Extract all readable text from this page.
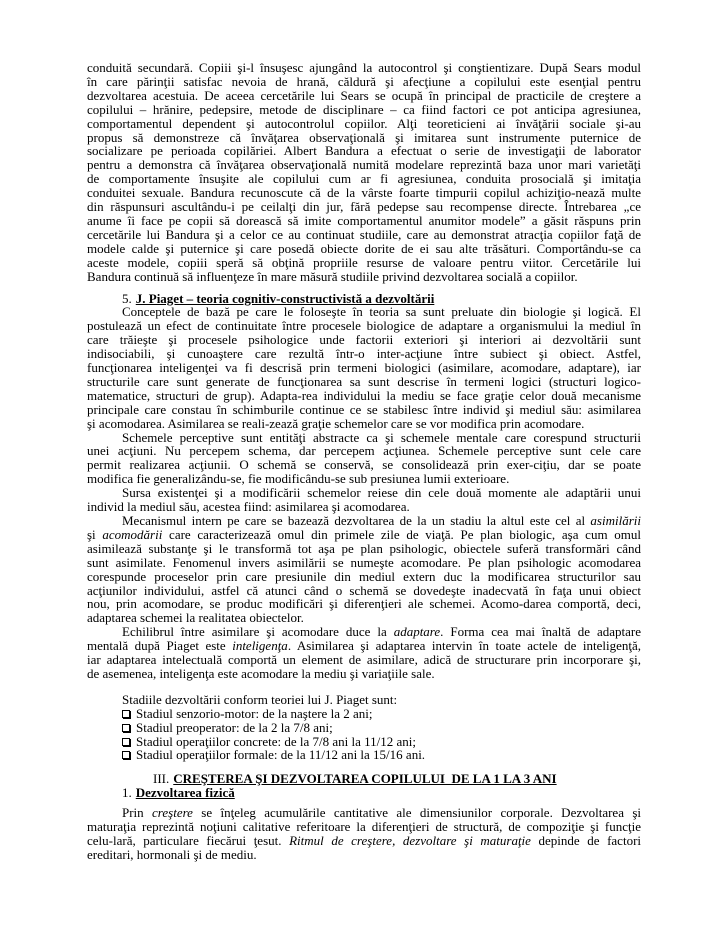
conduită secundară. Copiii şi-l însuşesc ajungând la autocontrol şi conştientizare. După Sears modul
în care părinţii satisfac nevoia de hrană, căldură şi afecţiune a copilului este esenţial pentru
dezvoltarea acestuia. De aceea cercetările lui Sears se ocupă în principal de practicile de creştere a
copilului – hrănire, pedepsire, metode de disciplinare – ca fiind factori ce pot anticipa agresiunea,
comportamentul dependent şi autocontrolul copiilor. Alţi teoreticieni ai învăţării sociale şi-au
propus să demonstreze că învăţarea observaţională şi imitarea sunt instrumente puternice de
socializare pe perioada copilăriei. Albert Bandura a efectuat o serie de investigaţii de laborator
pentru a demonstra că învăţarea observaţională numită modelare reprezintă baza unor mari varietăţi
de comportamente însuşite ale copilului cum ar fi agresiunea, conduita prosocială şi imitaţia
conduitei sexuale. Bandura recunoscute că de la vârste foarte timpurii copilul achiziţio-nează multe
din răspunsuri ascultându-i pe ceilalţi din jur, fără pedepse sau recompense directe. Întrebarea „ce
anume îi face pe copii să dorească să imite comportamentul anumitor modele” a găsit răspuns prin
cercetările lui Bandura şi a celor ce au continuat studiile, care au demonstrat atracţia copiilor faţă de
modele calde şi puternice şi care posedă obiecte dorite de ei sau alte trăsături. Comportându-se ca
aceste modele, copiii speră să obţină propriile resurse de valoare pentru viitor. Cercetările lui
Bandura continuă să influenţeze în mare măsură studiile privind dezvoltarea socială a copiilor.
5. J. Piaget – teoria cognitiv-constructivistă a dezvoltării
Conceptele de bază pe care le foloseşte în teoria sa sunt preluate din biologie şi logică. El
postulează un efect de continuitate între procesele biologice de adaptare a organismului la mediul în
care trăieşte şi procesele psihologice unde factorii exteriori şi interiori ai dezvoltării sunt
indisociabili, şi cunoaştere care rezultă într-o inter-acţiune între subiect şi obiect. Astfel,
funcţionarea inteligenţei va fi descrisă prin termeni biologici (asimilare, acomodare, adaptare), iar
structurile care sunt generate de funcţionarea sa sunt descrise în termeni logici (structuri logico-
matematice, structuri de grup). Adapta-rea individului la mediu se face graţie celor două mecanisme
principale care constau în schimburile continue ce se stabilesc între individ şi mediul său: asimilarea
şi acomodarea. Asimilarea se reali-zează graţie schemelor care se vor modifica prin acomodare.
Schemele perceptive sunt entităţi abstracte ca şi schemele mentale care corespund structurii
unei acţiuni. Nu percepem schema, dar percepem acţiunea. Schemele perceptive sunt cele care
permit realizarea acţiunii. O schemă se conservă, se consolidează prin exer-ciţiu, dar se poate
modifica fie generalizându-se, fie modificându-se sub presiunea lumii exterioare.
Sursa existenţei şi a modificării schemelor reiese din cele două momente ale adaptării unui
individ la mediul său, acestea fiind: asimilarea şi acomodarea.
Mecanismul intern pe care se bazează dezvoltarea de la un stadiu la altul este cel al asimilării
şi acomodării care caracterizează omul din primele zile de viaţă. Pe plan biologic, aşa cum omul
asimilează substanţe şi le transformă tot aşa pe plan psihologic, obiectele suferă transformări când
sunt asimilate. Fenomenul invers asimilării se numeşte acomodare. Pe plan psihologic acomodarea
corespunde proceselor prin care presiunile din mediul extern duc la modificarea structurilor sau
acţiunilor individului, astfel că atunci când o schemă se dovedeşte inadecvată în faţa unui obiect
nou, prin acomodare, se produc modificări şi diferenţieri ale schemei. Acomo-darea comportă, deci,
adaptarea schemei la realitatea obiectelor.
Echilibrul între asimilare şi acomodare duce la adaptare. Forma cea mai înaltă de adaptare
mentală după Piaget este inteligenţa. Asimilarea şi adaptarea intervin în toate actele de inteligenţă,
iar adaptarea intelectuală comportă un element de asimilare, adică de structurare prin incorporare şi,
de asemenea, inteligenţa este acomodare la mediu şi variaţiile sale.
Stadiile dezvoltării conform teoriei lui J. Piaget sunt:
Stadiul senzorio-motor: de la naştere la 2 ani;
Stadiul preoperator: de la 2 la 7/8 ani;
Stadiul operaţiilor concrete: de la 7/8 ani la 11/12 ani;
Stadiul operaţiilor formale: de la 11/12 ani la 15/16 ani.
III. CREŞTEREA ŞI DEZVOLTAREA COPILULUI  DE LA 1 LA 3 ANI
1. Dezvoltarea fizică
Prin creştere se înţeleg acumulările cantitative ale dimensiunilor corporale. Dezvoltarea şi
maturaţia reprezintă noţiuni calitative referitoare la diferenţieri de structură, de compoziţie şi funcţie
celu-lară, particulare fiecărui ţesut. Ritmul de creştere, dezvoltare şi maturaţie depinde de factori
ereditari, hormonali şi de mediu.
